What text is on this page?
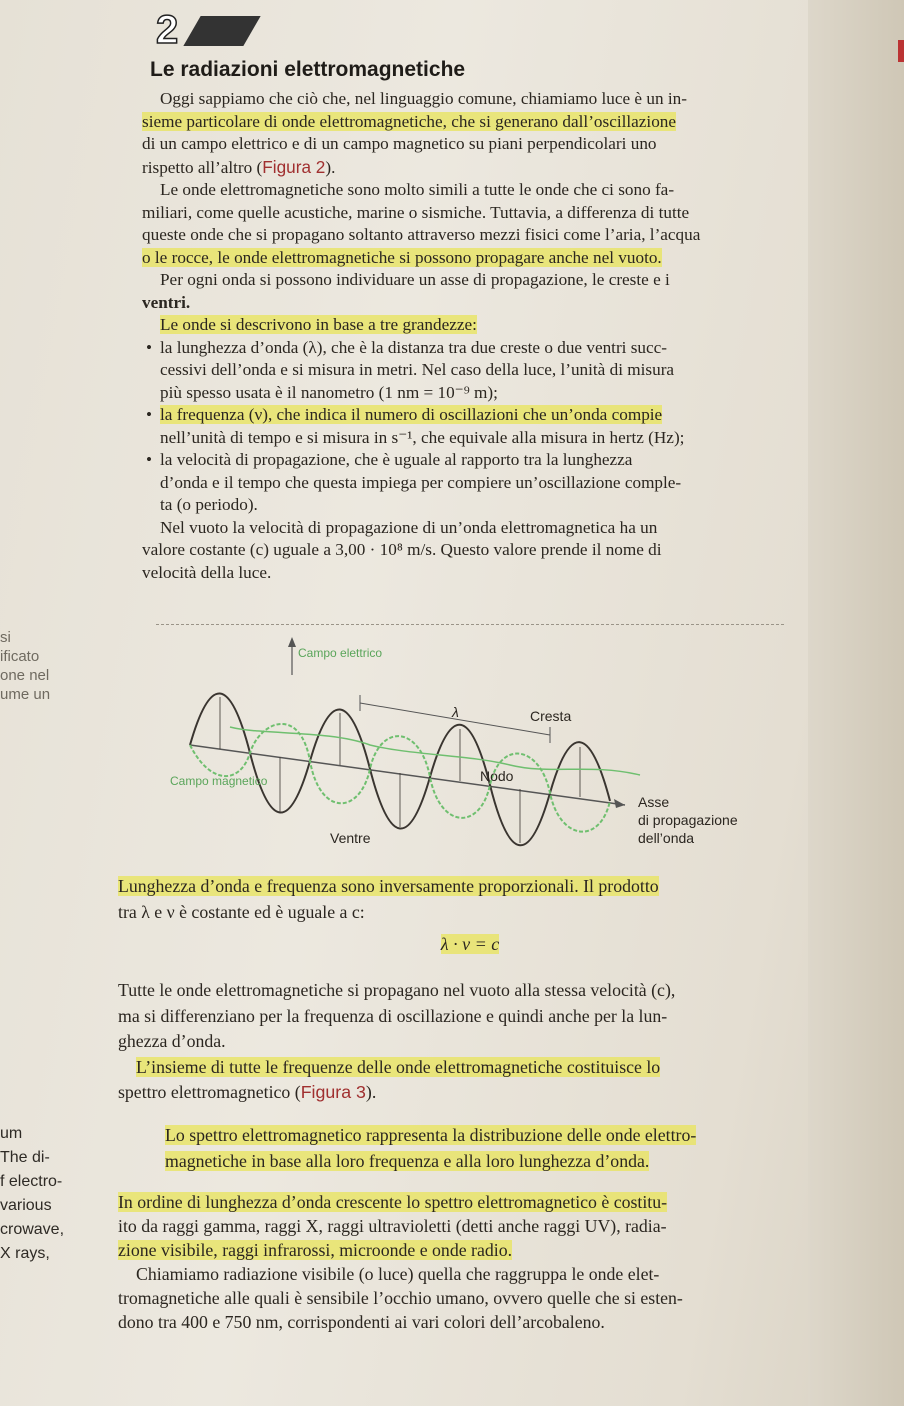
2
Le radiazioni elettromagnetiche

Oggi sappiamo che ciò che, nel linguaggio comune, chiamiamo luce è un in-
sieme particolare di onde elettromagnetiche, che si generano dall’oscillazione
di un campo elettrico e di un campo magnetico su piani perpendicolari uno
rispetto all’altro (Figura 2).

Le onde elettromagnetiche sono molto simili a tutte le onde che ci sono fa-
miliari, come quelle acustiche, marine o sismiche. Tuttavia, a differenza di tutte
queste onde che si propagano soltanto attraverso mezzi fisici come l’aria, l’acqua
o le rocce, le onde elettromagnetiche si possono propagare anche nel vuoto.

Per ogni onda si possono individuare un asse di propagazione, le creste e i
ventri.

Le onde si descrivono in base a tre grandezze:

• la lunghezza d’onda (λ), che è la distanza tra due creste o due ventri succ-
cessivi dell’onda e si misura in metri. Nel caso della luce, l’unità di misura
più spesso usata è il nanometro (1 nm = 10⁻⁹ m);
• la frequenza (ν), che indica il numero di oscillazioni che un’onda compie
nell’unità di tempo e si misura in s⁻¹, che equivale alla misura in hertz (Hz);
• la velocità di propagazione, che è uguale al rapporto tra la lunghezza
d’onda e il tempo che questa impiega per compiere un’oscillazione comple-
ta (o periodo).

Nel vuoto la velocità di propagazione di un’onda elettromagnetica ha un
valore costante (c) uguale a 3,00 · 10⁸ m/s. Questo valore prende il nome di
velocità della luce.

si
ificato
one nel
ume un
Campo elettrico
λ	Cresta
Nodo
Campo magnetico
Asse
di propagazione
dell’onda
Ventre

Lunghezza d’onda e frequenza sono inversamente proporzionali. Il prodotto
tra λ e ν è costante ed è uguale a c:

λ · ν = c

Tutte le onde elettromagnetiche si propagano nel vuoto alla stessa velocità (c),
ma si differenziano per la frequenza di oscillazione e quindi anche per la lun-
ghezza d’onda.

L’insieme di tutte le frequenze delle onde elettromagnetiche costituisce lo
spettro elettromagnetico (Figura 3).

um
The di-
f electro-
various
crowave,
X rays,

Lo spettro elettromagnetico rappresenta la distribuzione delle onde elettro-
magnetiche in base alla loro frequenza e alla loro lunghezza d’onda.

In ordine di lunghezza d’onda crescente lo spettro elettromagnetico è costitu-
ito da raggi gamma, raggi X, raggi ultravioletti (detti anche raggi UV), radia-
zione visibile, raggi infrarossi, microonde e onde radio.

Chiamiamo radiazione visibile (o luce) quella che raggruppa le onde elet-
tromagnetiche alle quali è sensibile l’occhio umano, ovvero quelle che si esten-
dono tra 400 e 750 nm, corrispondenti ai vari colori dell’arcobaleno.
